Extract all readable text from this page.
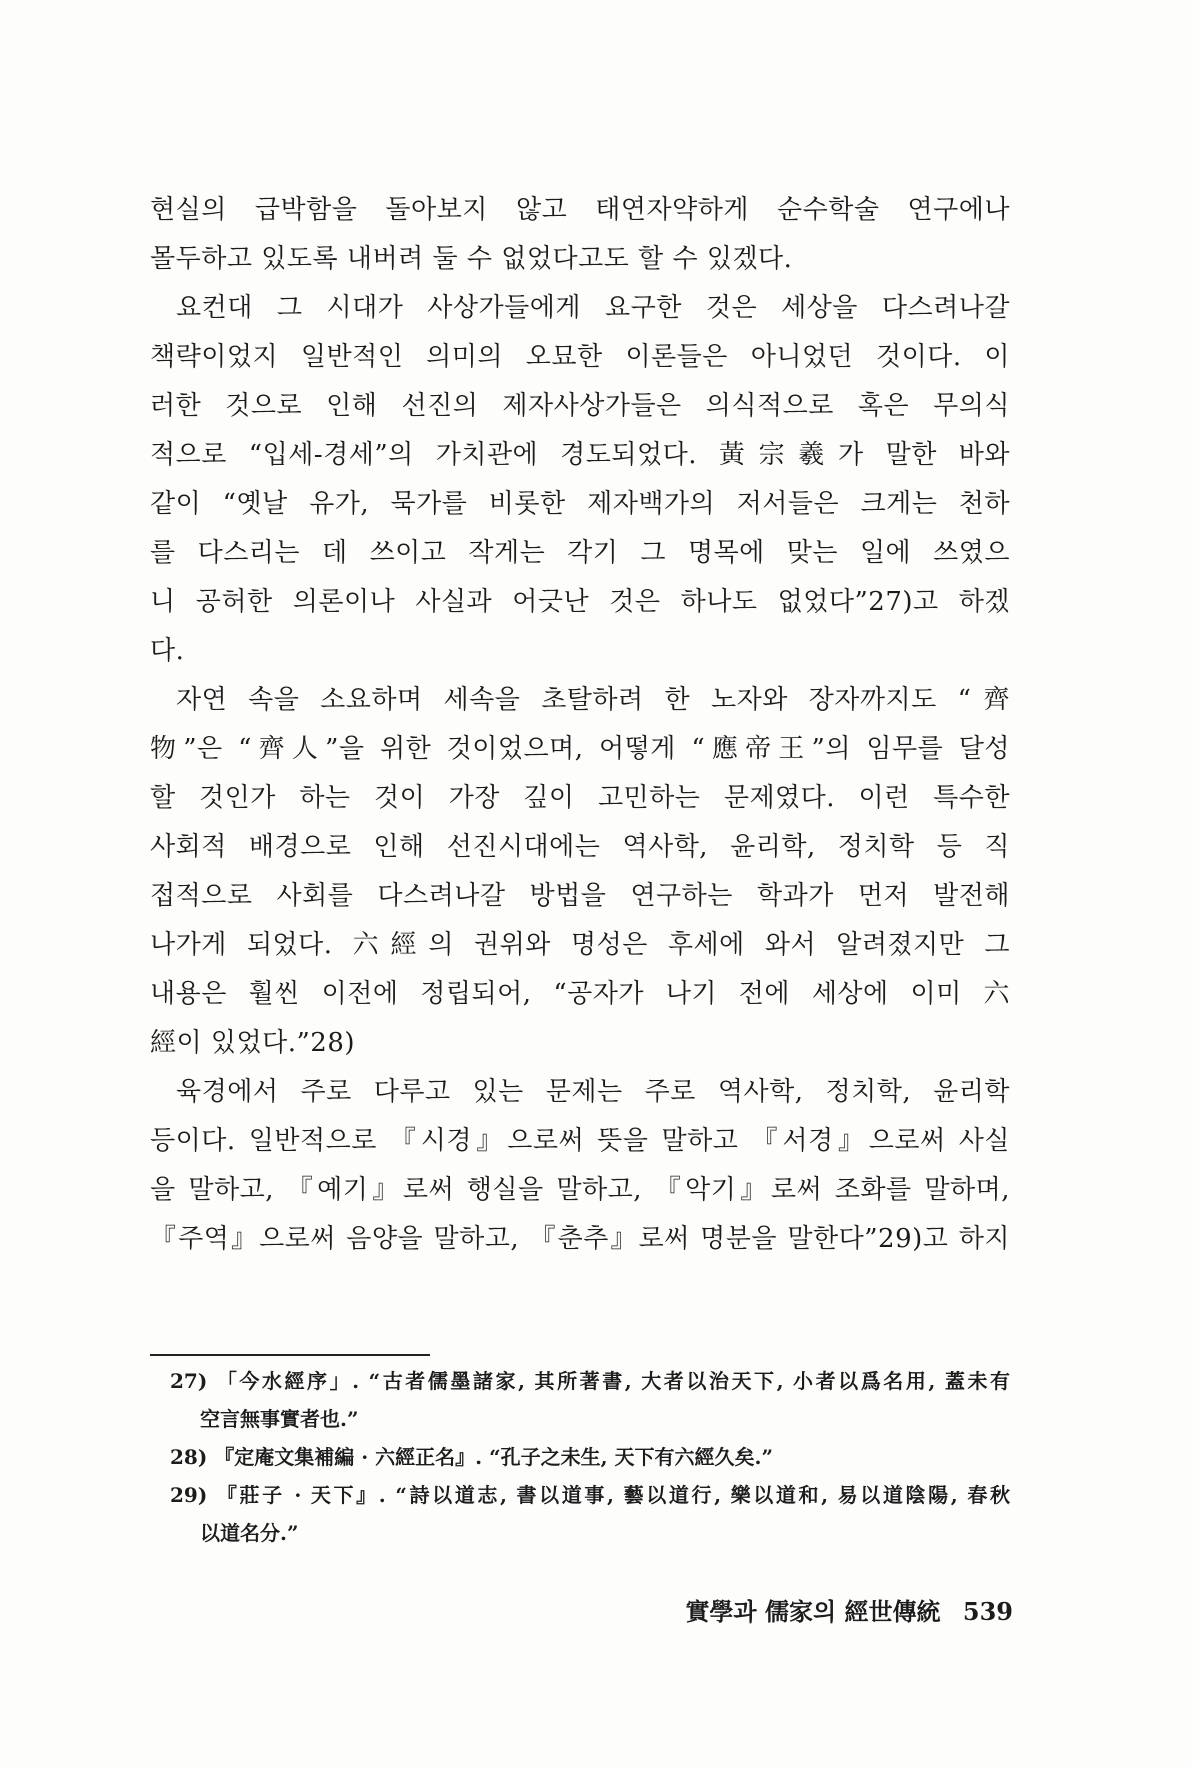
현실의 급박함을 돌아보지 않고 태연자약하게 순수학술 연구에나
몰두하고 있도록 내버려 둘 수 없었다고도 할 수 있겠다.
요컨대 그 시대가 사상가들에게 요구한 것은 세상을 다스려나갈
책략이었지 일반적인 의미의 오묘한 이론들은 아니었던 것이다. 이
러한 것으로 인해 선진의 제자사상가들은 의식적으로 혹은 무의식
적으로 “입세-경세”의 가치관에 경도되었다. 黃宗羲가 말한 바와
같이 “옛날 유가, 묵가를 비롯한 제자백가의 저서들은 크게는 천하
를 다스리는 데 쓰이고 작게는 각기 그 명목에 맞는 일에 쓰였으
니 공허한 의론이나 사실과 어긋난 것은 하나도 없었다”27)고 하겠
다.
자연 속을 소요하며 세속을 초탈하려 한 노자와 장자까지도 “齊
物”은 “齊人”을 위한 것이었으며, 어떻게 “應帝王”의 임무를 달성
할 것인가 하는 것이 가장 깊이 고민하는 문제였다. 이런 특수한
사회적 배경으로 인해 선진시대에는 역사학, 윤리학, 정치학 등 직
접적으로 사회를 다스려나갈 방법을 연구하는 학과가 먼저 발전해
나가게 되었다. 六經의 권위와 명성은 후세에 와서 알려졌지만 그
내용은 훨씬 이전에 정립되어, “공자가 나기 전에 세상에 이미 六
經이 있었다.”28)
육경에서 주로 다루고 있는 문제는 주로 역사학, 정치학, 윤리학
등이다. 일반적으로 『시경』으로써 뜻을 말하고 『서경』으로써 사실
을 말하고, 『예기』로써 행실을 말하고, 『악기』로써 조화를 말하며,
『주역』으로써 음양을 말하고, 『춘추』로써 명분을 말한다”29)고 하지
27) 「今水經序」. “古者儒墨諸家, 其所著書, 大者以治天下, 小者以爲名用, 蓋未有
空言無事實者也.”
28) 『定庵文集補編 · 六經正名』. “孔子之未生, 天下有六經久矣.”
29) 『莊子 · 天下』. “詩以道志, 書以道事, 藝以道行, 樂以道和, 易以道陰陽, 春秋
以道名分.”
實學과 儒家의 經世傳統 539
